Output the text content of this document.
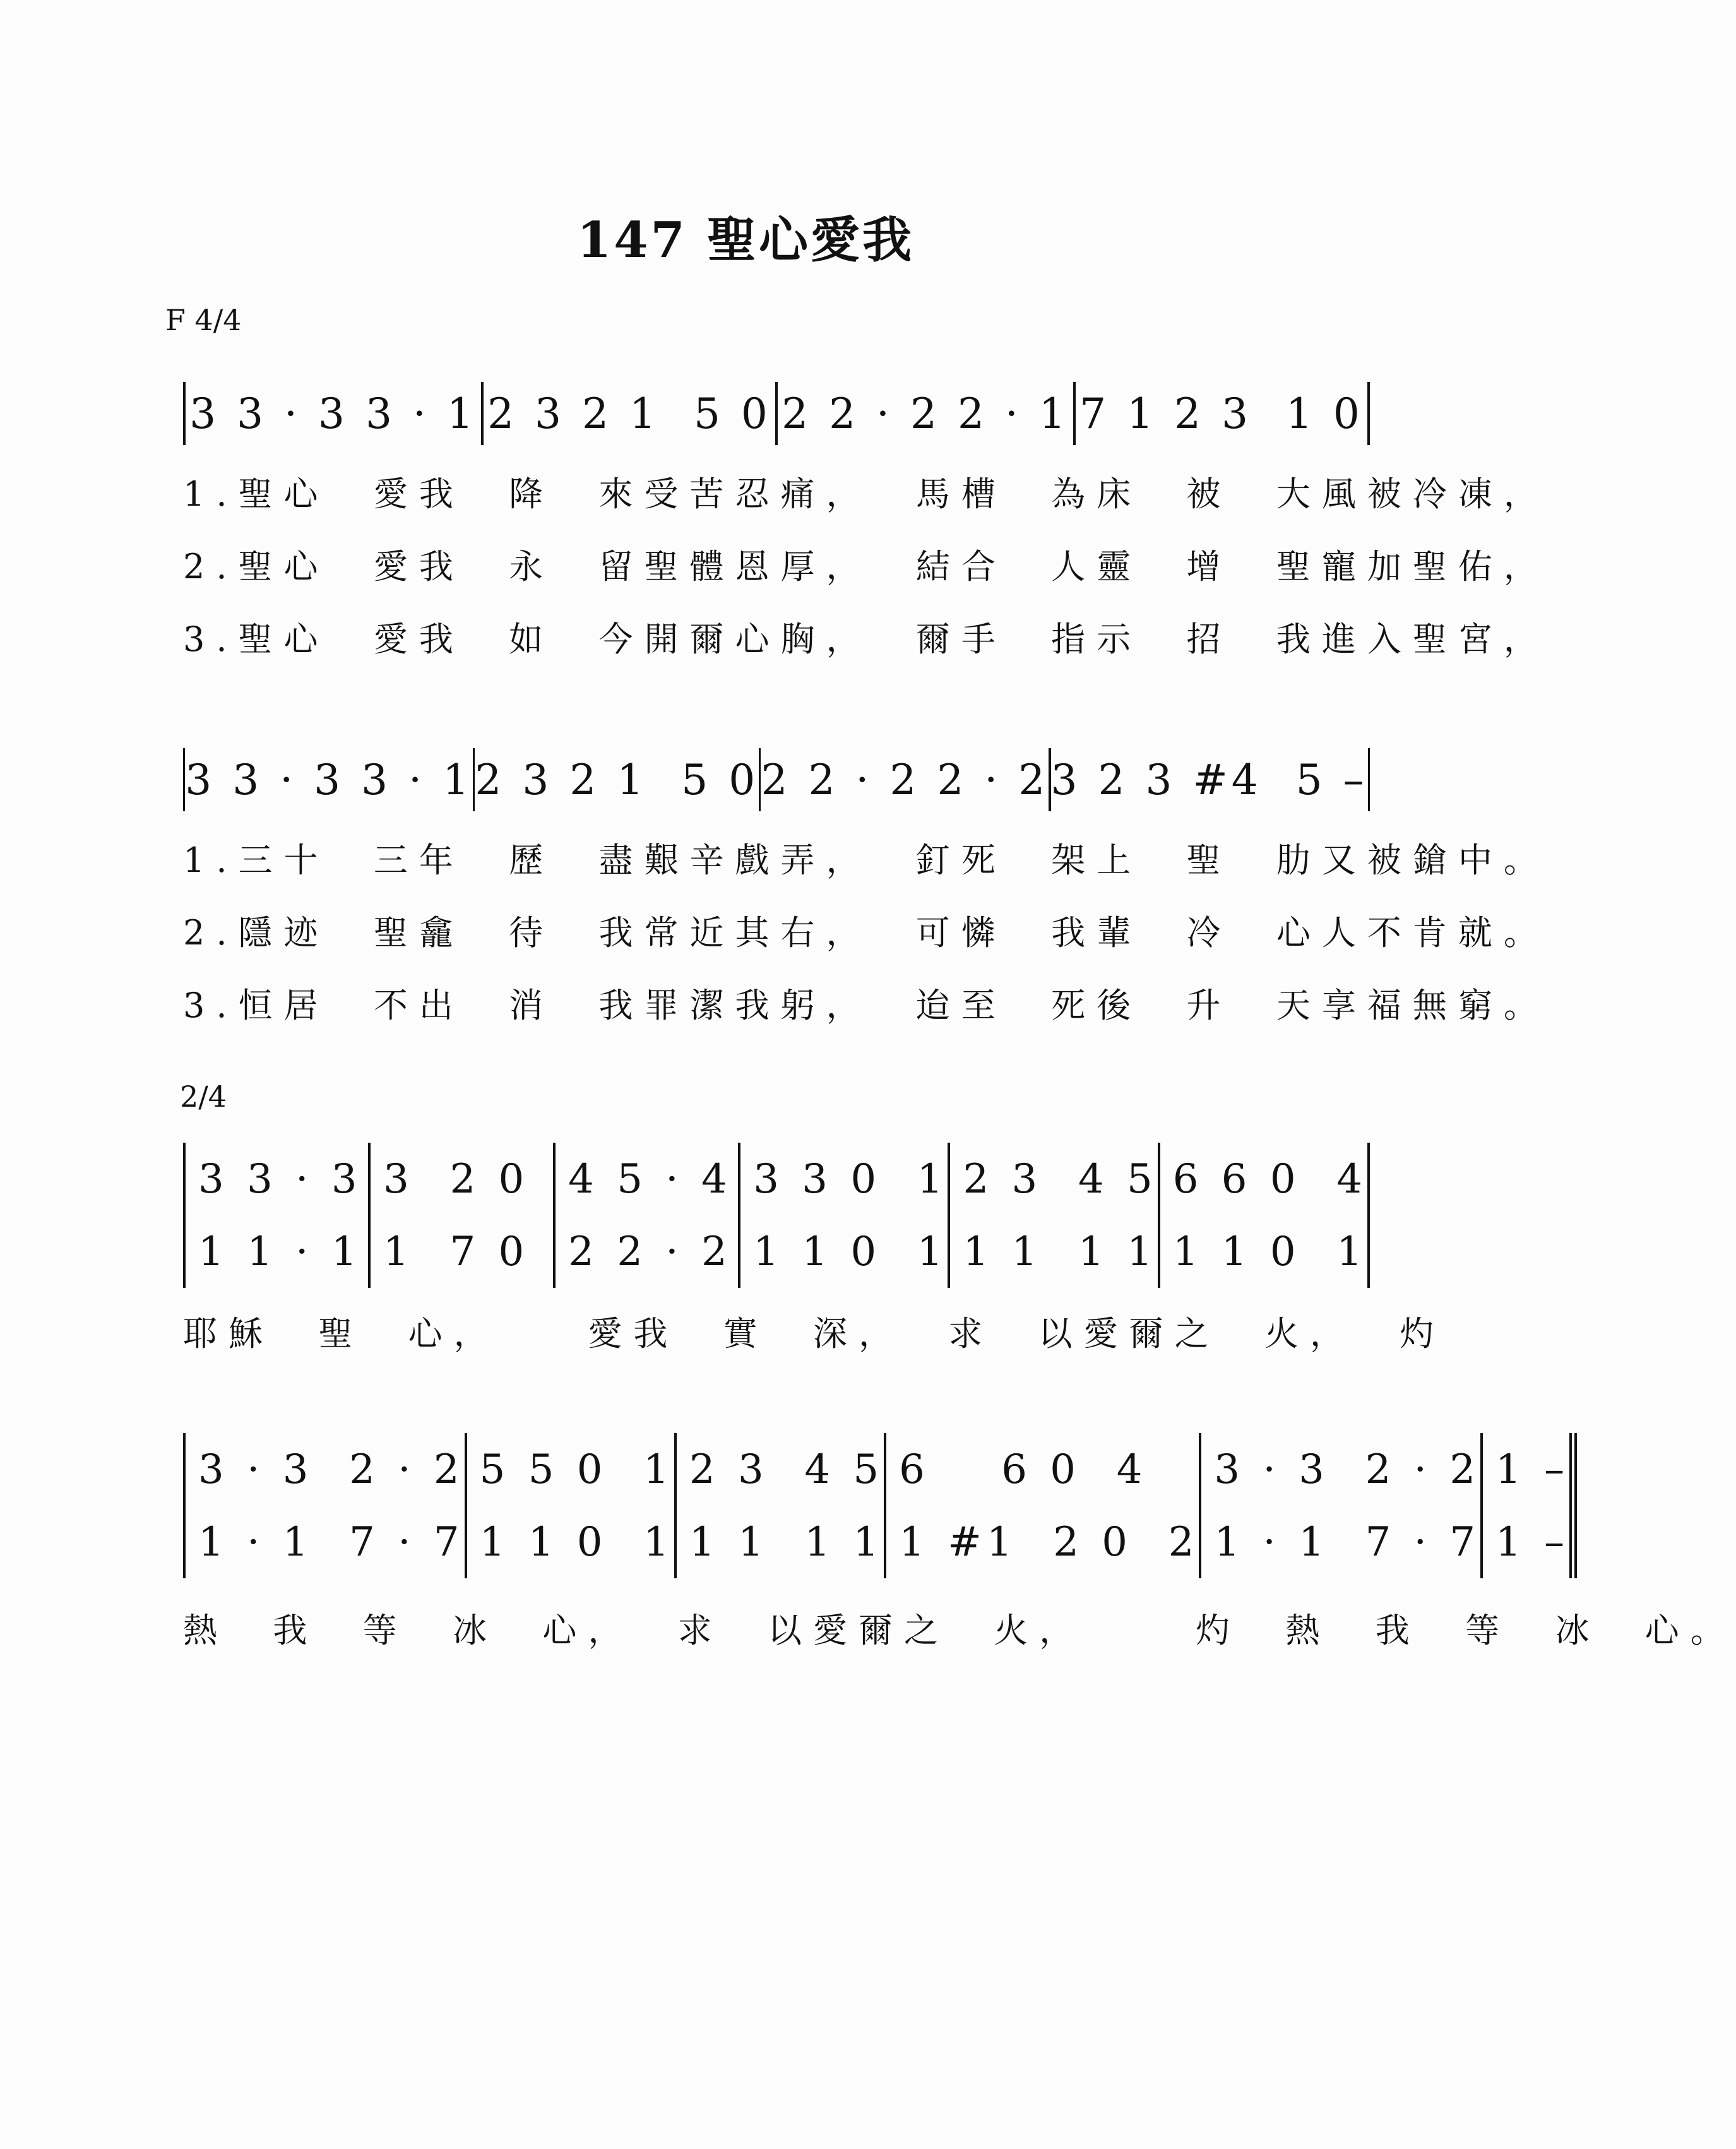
147 聖心愛我
F 4/4
3 3 · 3 3 · 1 2 3 2 1  5 0 2 2 · 2 2 · 1 7 1 2 3  1 0
1.聖心  愛我  降  來受苦忍痛，  馬槽  為床  被  大風被冷凍，
2.聖心  愛我  永  留聖體恩厚，  結合  人靈  增  聖寵加聖佑，
3.聖心  愛我  如  今開爾心胸，  爾手  指示  招  我進入聖宮，
3 3 · 3 3 · 1 2 3 2 1  5 0 2 2 · 2 2 · 2 3 2 3 #4  5 –
1.三十  三年  歷  盡艱辛戲弄，  釘死  架上  聖  肋又被鎗中。
2.隱迹  聖龕  待  我常近其右，  可憐  我輩  冷  心人不肯就。
3.恒居  不出  消  我罪潔我躬，  迨至  死後  升  天享福無窮。
2/4
3 3 · 3
1 1 · 1
3  2 0
1  7 0
4 5 · 4
2 2 · 2
3 3 0  1
1 1 0  1
2 3  4 5
1 1  1 1
6 6 0  4
1 1 0  1
耶穌  聖  心，    愛我  實  深，  求  以愛爾之  火，  灼
3 · 3  2 · 2
1 · 1  7 · 7
5 5 0  1
1 1 0  1
2 3  4 5
1 1  1 1
6    6 0  4
1 #1  2 0  2
3 · 3  2 · 2
1 · 1  7 · 7
1 –
1 –
熱  我  等  冰  心，  求  以愛爾之  火，     灼  熱  我  等  冰  心。
